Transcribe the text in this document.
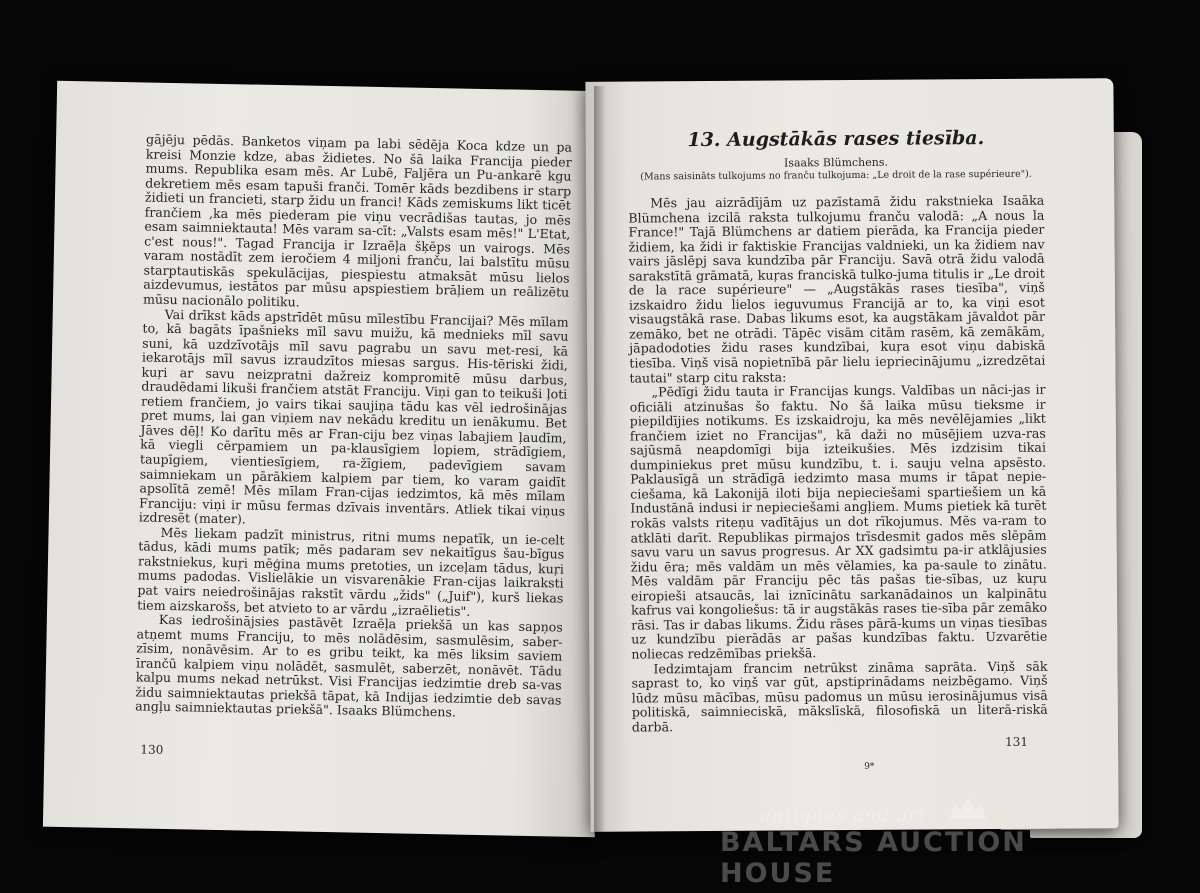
gājēju pēdās. Banketos viņam pa labi sēdēja Koca kdze un pa kreisi Monzie kdze, abas židietes. No šā laika Francija pieder mums. Republika esam mēs. Ar Lubē, Faljēra un Pu-ankarē kgu dekretiem mēs esam tapuši franči. Tomēr kāds bezdibens ir starp židieti un francieti, starp židu un franci! Kāds zemiskums likt ticēt frančiem ,ka mēs piederam pie viņu vecrādišas tautas, jo mēs esam saimniektauta! Mēs varam sa-cīt: „Valsts esam mēs!" L'Etat, c'est nous!". Tagad Francija ir Izraēļa šķēps un vairogs. Mēs varam nostādīt zem ieročiem 4 miljoni franču, lai balstītu mūsu starptautiskās spekulācijas, piespiestu atmaksāt mūsu lielos aizdevumus, iestātos par mūsu apspiestiem brāļiem un reālizētu mūsu nacionālo politiku.

Vai drīkst kāds apstrīdēt mūsu mīlestību Francijai? Mēs mīlam to, kā bagāts īpašnieks mīl savu muižu, kā mednieks mīl savu suni, kā uzdzīvotājs mīl savu pagrabu un savu met-resi, kā iekarotājs mīl savus izraudzītos miesas sargus. His-tēriski židi, kuŗi ar savu neizpratni dažreiz kompromitē mūsu darbus, draudēdami likuši frančiem atstāt Franciju. Viņi gan to teikuši ļoti retiem frančiem, jo vairs tikai saujiņa tādu kas vēl iedrošinājas pret mums, lai gan viņiem nav nekādu kreditu un ienākumu. Bet Jāves dēļ! Ko darītu mēs ar Fran-ciju bez viņas labajiem ļaudīm, kā viegli cērpamiem un pa-klausīgiem lopiem, strādīgiem, taupīgiem, vientiesīgiem, ra-žīgiem, padevīgiem savam saimniekam un pārākiem kalpiem par tiem, ko varam gaidīt apsolītā zemē! Mēs mīlam Fran-cijas iedzimtos, kā mēs mīlam Franciju: viņi ir mūsu fermas dzīvais inventārs. Atliek tikai viņus izdresēt (mater).

Mēs liekam padzīt ministrus, ritni mums nepatīk, un ie-celt tādus, kādi mums patīk; mēs padaram sev nekaitīgus šau-bīgus rakstniekus, kuŗi mēģina mums pretoties, un izceļam tādus, kuŗi mums padodas. Vislielākie un visvarenākie Fran-cijas laikraksti pat vairs neiedrošinājas rakstīt vārdu „žids" („Juif"), kurš liekas tiem aizskarošs, bet atvieto to ar vārdu „izraēlietis".

Kas iedrošinājsies pastāvēt Izraēļa priekšā un kas sapņos atņemt mums Franciju, to mēs nolādēsim, sasmulēsim, saber-zīsim, nonāvēsim. Ar to es gribu teikt, ka mēs liksim saviem īrančū kalpiem viņu nolādēt, sasmulēt, saberzēt, nonāvēt. Tādu kalpu mums nekad netrūkst. Visi Francijas iedzimtie dreb sa-vas židu saimniektautas priekšā tāpat, kā Indijas iedzimtie deb savas angļu saimniektautas priekšā". Isaaks Blümchens.

130
13. Augstākās rases tiesība.

Isaaks Blümchens.

(Mans saisināts tulkojums no franču tulkojuma: „Le droit de la rase supérieure").

Mēs jau aizrādījām uz pazīstamā židu rakstnieka Isaāka Blümchena izcilā raksta tulkojumu franču valodā: „A nous la France!" Tajā Blümchens ar datiem pierāda, ka Francija pieder židiem, ka židi ir faktiskie Francijas valdnieki, un ka židiem nav vairs jāslēpj sava kundzība pār Franciju. Savā otrā židu valodā sarakstītā grāmatā, kuŗas franciskā tulko-juma titulis ir „Le droit de la race supérieure" — „Augstākās rases tiesība", viņš izskaidro židu lielos ieguvumus Francijā ar to, ka viņi esot visaugstākā rase. Dabas likums esot, ka augstākam jāvaldot pār zemāko, bet ne otrādi. Tāpēc visām citām rasēm, kā zemākām, jāpadodoties židu rases kundzībai, kuŗa esot viņu dabiskā tiesība. Viņš visā nopietnībā pār lielu iepriecinājumu „izredzētai tautai" starp citu raksta:

„Pēdīgi židu tauta ir Francijas kungs. Valdības un nāci-jas ir oficiāli atzinušas šo faktu. No šā laika mūsu tieksme ir piepildījies notikums. Es izskaidroju, ka mēs nevēlējamies „likt frančiem iziet no Francijas", kā daži no mūsējiem uzva-ras sajūsmā neapdomīgi bija izteikušies. Mēs izdzisim tikai dumpiniekus pret mūsu kundzību, t. i. sauju velna apsēsto. Paklausīgā un strādīgā iedzimto masa mums ir tāpat nepie-ciešama, kā Lakonijā iloti bija nepieciešami spartiešiem un kā Industānā indusi ir nepieciešami angļiem. Mums pietiek kā turēt rokās valsts riteņu vadītājus un dot rīkojumus. Mēs va-ram to atklāti darīt. Republikas pirmajos trīsdesmit gados mēs slēpām savu varu un savus progresus. Ar XX gadsimtu pa-ir atklājusies židu ēra; mēs valdām un mēs vēlamies, ka pa-saule to zinātu. Mēs valdām pār Franciju pēc tās pašas tie-sības, uz kuŗu eiropieši atsaucās, lai iznīcinātu sarkanādainos un kalpinātu kafrus vai kongoliešus: tā ir augstākās rases tie-sība pār zemāko rāsi. Tas ir dabas likums. Židu rāses pārā-kums un viņas tiesības uz kundzību pierādās ar pašas kundzības faktu. Uzvarētie noliecas redzēmības priekšā.

Iedzimtajam francim netrūkst zināma saprāta. Viņš sāk saprast to, ko viņš var gūt, apstiprinādams neizbēgamo. Viņš lūdz mūsu mācības, mūsu padomus un mūsu ierosinājumus visā politiskā, saimnieciskā, mākslīskā, filosofiskā un literā-riskā darbā.

9*
131
antiques and art
BALTARS AUCTION HOUSE
